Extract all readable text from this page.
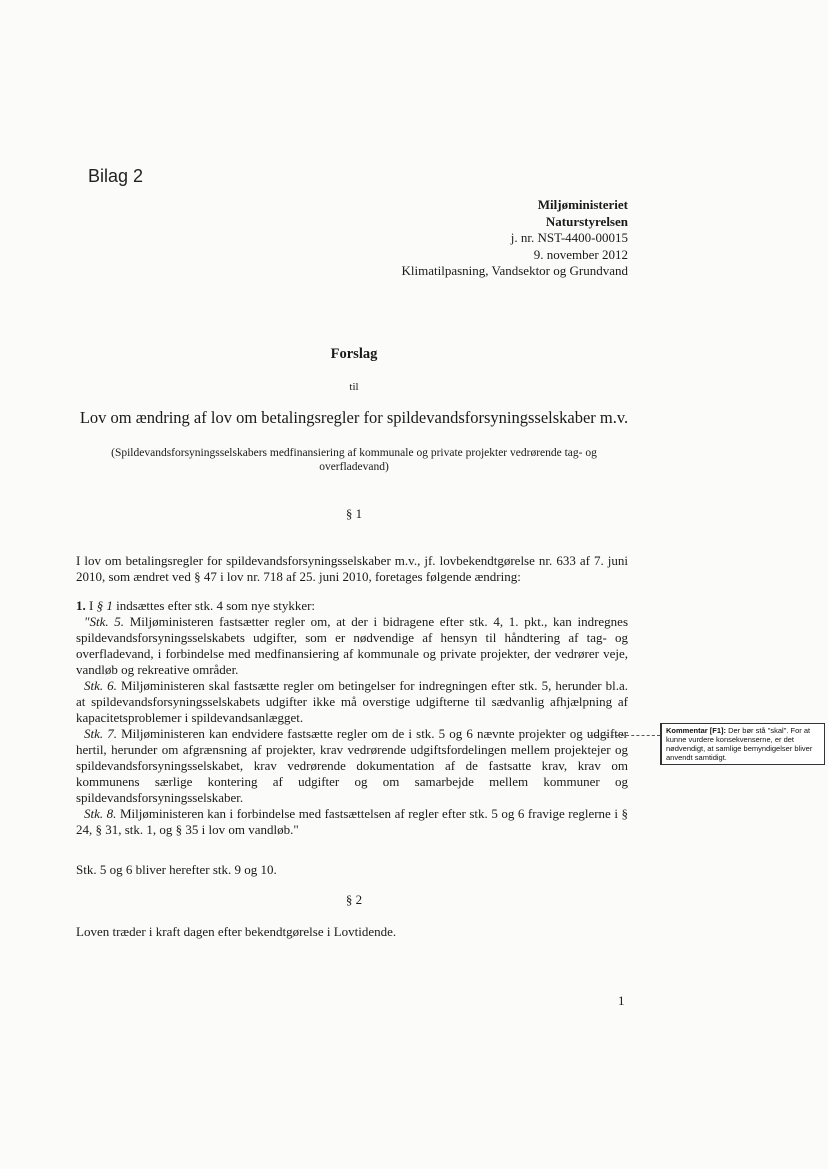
Bilag 2
Miljøministeriet
Naturstyrelsen
j. nr. NST-4400-00015
9. november 2012
Klimatilpasning, Vandsektor og Grundvand
Forslag
til
Lov om ændring af lov om betalingsregler for spildevandsforsyningsselskaber m.v.
(Spildevandsforsyningsselskabers medfinansiering af kommunale og private projekter vedrørende tag- og overfladevand)
§ 1
I lov om betalingsregler for spildevandsforsyningsselskaber m.v., jf. lovbekendtgørelse nr. 633 af 7. juni 2010, som ændret ved § 47 i lov nr. 718 af 25. juni 2010, foretages følgende ændring:

1. I § 1 indsættes efter stk. 4 som nye stykker:

"Stk. 5. Miljøministeren fastsætter regler om, at der i bidragene efter stk. 4, 1. pkt., kan indregnes spildevandsforsyningsselskabets udgifter, som er nødvendige af hensyn til håndtering af tag- og overfladevand, i forbindelse med medfinansiering af kommunale og private projekter, der vedrører veje, vandløb og rekreative områder.

Stk. 6. Miljøministeren skal fastsætte regler om betingelser for indregningen efter stk. 5, herunder bl.a. at spildevandsforsyningsselskabets udgifter ikke må overstige udgifterne til sædvanlig afhjælpning af kapacitetsproblemer i spildevandsanlægget.

Stk. 7. Miljøministeren kan endvidere fastsætte regler om de i stk. 5 og 6 nævnte projekter og udgifter hertil, herunder om afgrænsning af projekter, krav vedrørende udgiftsfordelingen mellem projektejer og spildevandsforsyningsselskabet, krav vedrørende dokumentation af de fastsatte krav, krav om kommunens særlige kontering af udgifter og om samarbejde mellem kommuner og spildevandsforsyningsselskaber.

Stk. 8. Miljøministeren kan i forbindelse med fastsættelsen af regler efter stk. 5 og 6 fravige reglerne i § 24, § 31, stk. 1, og § 35 i lov om vandløb."

Stk. 5 og 6 bliver herefter stk. 9 og 10.
§ 2
Loven træder i kraft dagen efter bekendtgørelse i Lovtidende.
Kommentar [F1]: Der bør stå "skal". For at kunne vurdere konsekvenserne, er det nødvendigt, at samlige bemyndigelser bliver anvendt samtidigt.
1
